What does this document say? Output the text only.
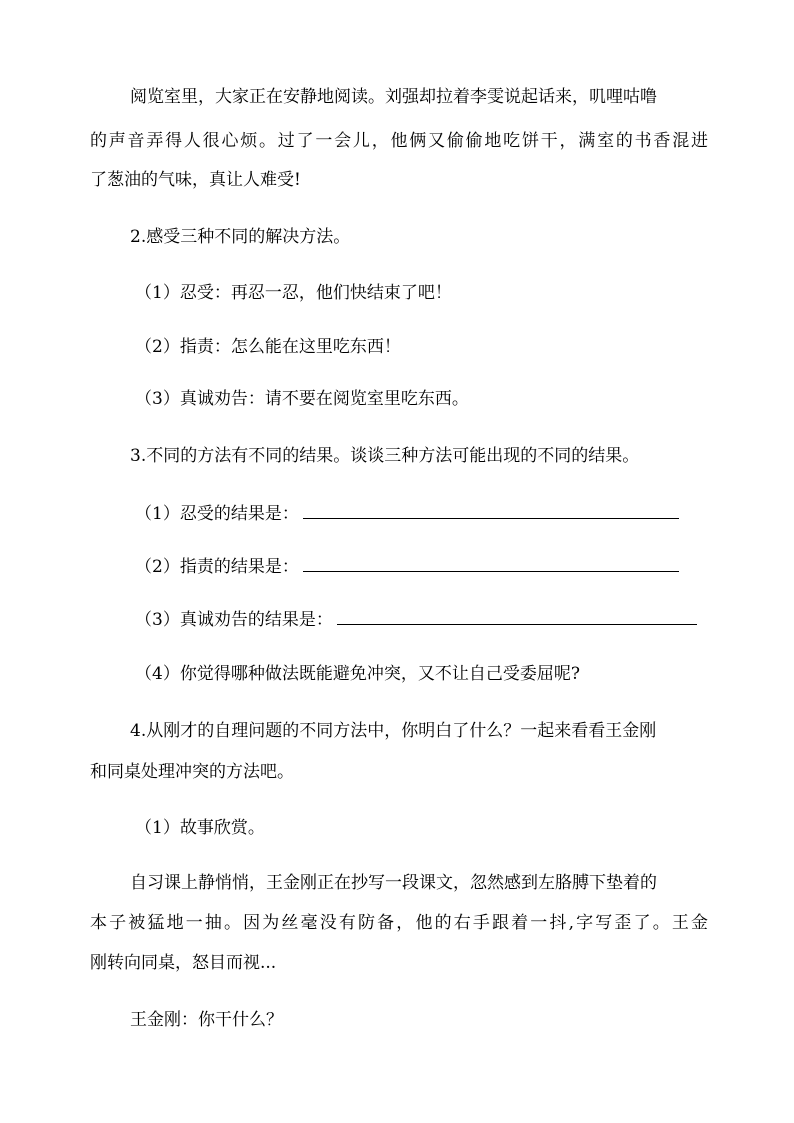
阅览室里，大家正在安静地阅读。刘强却拉着李雯说起话来，叽哩咕噜
的声音弄得人很心烦。过了一会儿，他俩又偷偷地吃饼干，满室的书香混进
了葱油的气味，真让人难受!
2.感受三种不同的解决方法。
（1）忍受：再忍一忍，他们快结束了吧！
（2）指责：怎么能在这里吃东西！
（3）真诚劝告：请不要在阅览室里吃东西。
3.不同的方法有不同的结果。谈谈三种方法可能出现的不同的结果。
（1）忍受的结果是：
（2）指责的结果是：
（3）真诚劝告的结果是：
（4）你觉得哪种做法既能避免冲突，又不让自己受委屈呢?
4.从刚才的自理问题的不同方法中，你明白了什么？一起来看看王金刚
和同桌处理冲突的方法吧。
（1）故事欣赏。
自习课上静悄悄，王金刚正在抄写一段课文，忽然感到左胳膊下垫着的
本子被猛地一抽。因为丝毫没有防备，他的右手跟着一抖,字写歪了。王金
刚转向同桌，怒目而视...
王金刚：你干什么？
